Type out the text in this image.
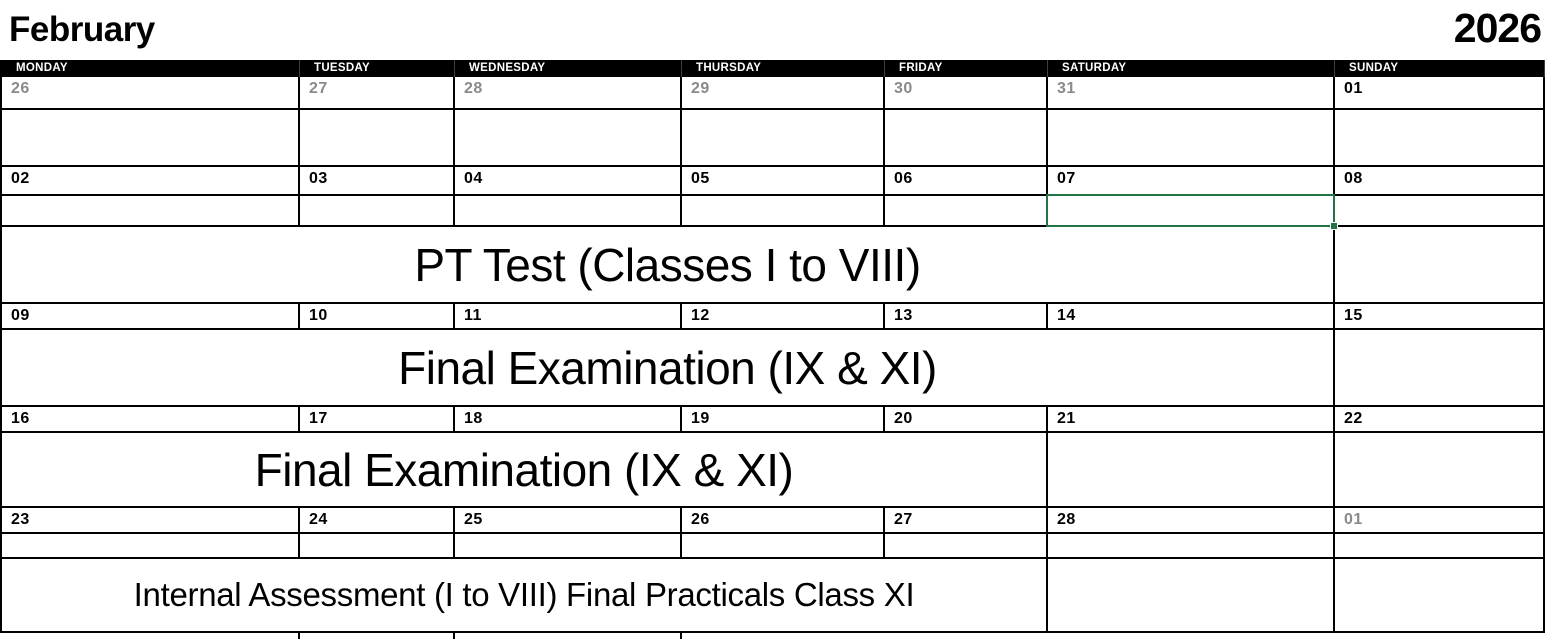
February	2026
MONDAY	TUESDAY	WEDNESDAY	THURSDAY	FRIDAY	SATURDAY	SUNDAY
26	27	28	29	30	31	01
02	03	04	05	06	07	08
PT Test (Classes I to VIII)
09	10	11	12	13	14	15
Final Examination (IX & XI)
16	17	18	19	20	21	22
Final Examination (IX & XI)
23	24	25	26	27	28	01
Internal Assessment (I to VIII) Final Practicals Class XI
